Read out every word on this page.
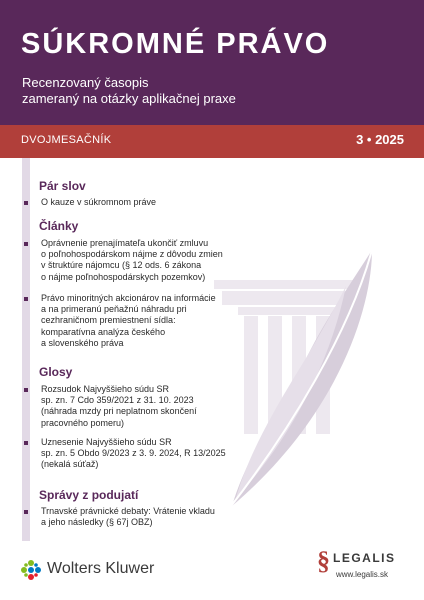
SÚKROMNÉ PRÁVO
Recenzovaný časopis
zameraný na otázky aplikačnej praxe
DVOJMESAČNÍK	3 • 2025
Pár slov
O kauze v súkromnom práve
Články
Oprávnenie prenajímateľa ukončiť zmluvu
o poľnohospodárskom nájme z dôvodu zmien
v štruktúre nájomcu (§ 12 ods. 6 zákona
o nájme poľnohospodárskych pozemkov)
Právo minoritných akcionárov na informácie
a na primeranú peňažnú náhradu pri
cezhraničnom premiestnení sídla:
komparatívna analýza českého
a slovenského práva
Glosy
Rozsudok Najvyššieho súdu SR
sp. zn. 7 Cdo 359/2021 z 31. 10. 2023
(náhrada mzdy pri neplatnom skončení
pracovného pomeru)
Uznesenie Najvyššieho súdu SR
sp. zn. 5 Obdo 9/2023 z 3. 9. 2024, R 13/2025
(nekalá súťaž)
Správy z podujatí
Trnavské právnické debaty: Vrátenie vkladu
a jeho následky (§ 67j OBZ)
Wolters Kluwer	§ LEGALIS
www.legalis.sk
